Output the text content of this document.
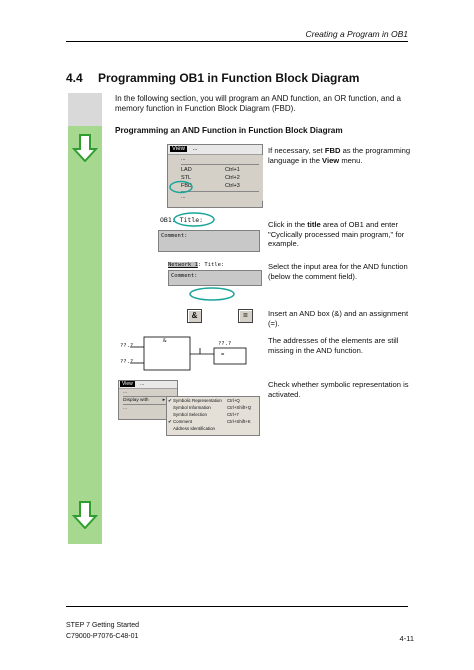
Creating a Program in OB1
4.4 Programming OB1 in Function Block Diagram
In the following section, you will program an AND function, an OR function, and a memory function in Function Block Diagram (FBD).
Programming an AND Function in Function Block Diagram
View ...
...
LAD	Ctrl+1
STL	Ctrl+2
FBD	Ctrl+3
...
If necessary, set FBD as the programming language in the View menu.
OB1: Title:
Comment:
Click in the title area of OB1 and enter "Cyclically processed main program," for example.
Network 1: Title:
Comment:
Select the input area for the AND function (below the comment field).
&	=	Insert an AND box (&) and an assignment (=).
&
??.?
??.?
??.?
=
The addresses of the elements are still missing in the AND function.
View ...
...
Display with	▸
...
✔Symbolic Representation Ctrl+Q
Symbol Information	Ctrl+Shift+Q
Symbol Selection	Ctrl+7
✔Comment	Ctrl+Shift+K
Address Identification
Check whether symbolic representation is activated.
STEP 7 Getting Started
C79000-P7076-C48-01	4-11
